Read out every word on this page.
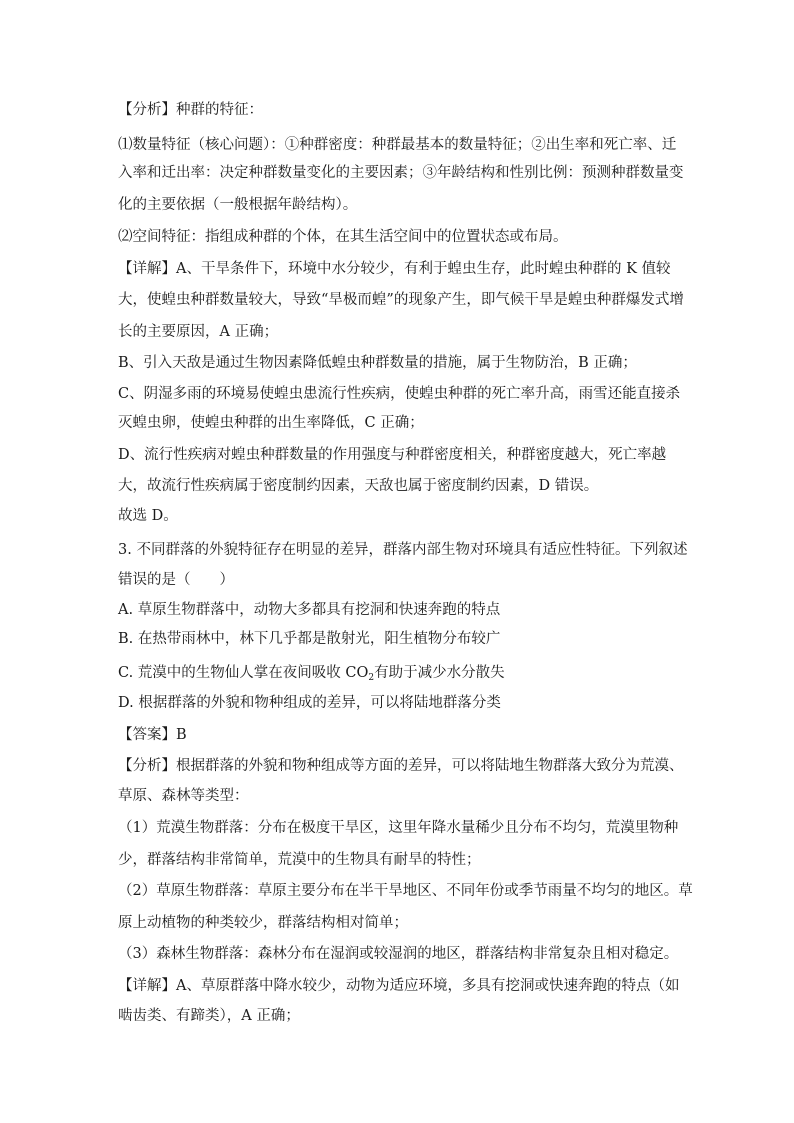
【分析】种群的特征：
⑴数量特征（核心问题）：①种群密度：种群最基本的数量特征；②出生率和死亡率、迁
入率和迁出率：决定种群数量变化的主要因素；③年龄结构和性别比例：预测种群数量变
化的主要依据（一般根据年龄结构）。
⑵空间特征：指组成种群的个体，在其生活空间中的位置状态或布局。
【详解】A、干旱条件下，环境中水分较少，有利于蝗虫生存，此时蝗虫种群的 K 值较
大，使蝗虫种群数量较大，导致“旱极而蝗”的现象产生，即气候干旱是蝗虫种群爆发式增
长的主要原因，A 正确；
B、引入天敌是通过生物因素降低蝗虫种群数量的措施，属于生物防治，B 正确；
C、阴湿多雨的环境易使蝗虫患流行性疾病，使蝗虫种群的死亡率升高，雨雪还能直接杀
灭蝗虫卵，使蝗虫种群的出生率降低，C 正确；
D、流行性疾病对蝗虫种群数量的作用强度与种群密度相关，种群密度越大，死亡率越
大，故流行性疾病属于密度制约因素，天敌也属于密度制约因素，D 错误。
故选 D。
3. 不同群落的外貌特征存在明显的差异，群落内部生物对环境具有适应性特征。下列叙述
错误的是（　　）
A. 草原生物群落中，动物大多都具有挖洞和快速奔跑的特点
B. 在热带雨林中，林下几乎都是散射光，阳生植物分布较广
C. 荒漠中的生物仙人掌在夜间吸收 $CO_2$有助于减少水分散失
D. 根据群落的外貌和物种组成的差异，可以将陆地群落分类
【答案】B
【分析】根据群落的外貌和物种组成等方面的差异，可以将陆地生物群落大致分为荒漠、
草原、森林等类型：
（1）荒漠生物群落：分布在极度干旱区，这里年降水量稀少且分布不均匀，荒漠里物种
少，群落结构非常简单，荒漠中的生物具有耐旱的特性；
（2）草原生物群落：草原主要分布在半干旱地区、不同年份或季节雨量不均匀的地区。草
原上动植物的种类较少，群落结构相对简单；
（3）森林生物群落：森林分布在湿润或较湿润的地区，群落结构非常复杂且相对稳定。
【详解】A、草原群落中降水较少，动物为适应环境，多具有挖洞或快速奔跑的特点（如
啮齿类、有蹄类），A 正确；
